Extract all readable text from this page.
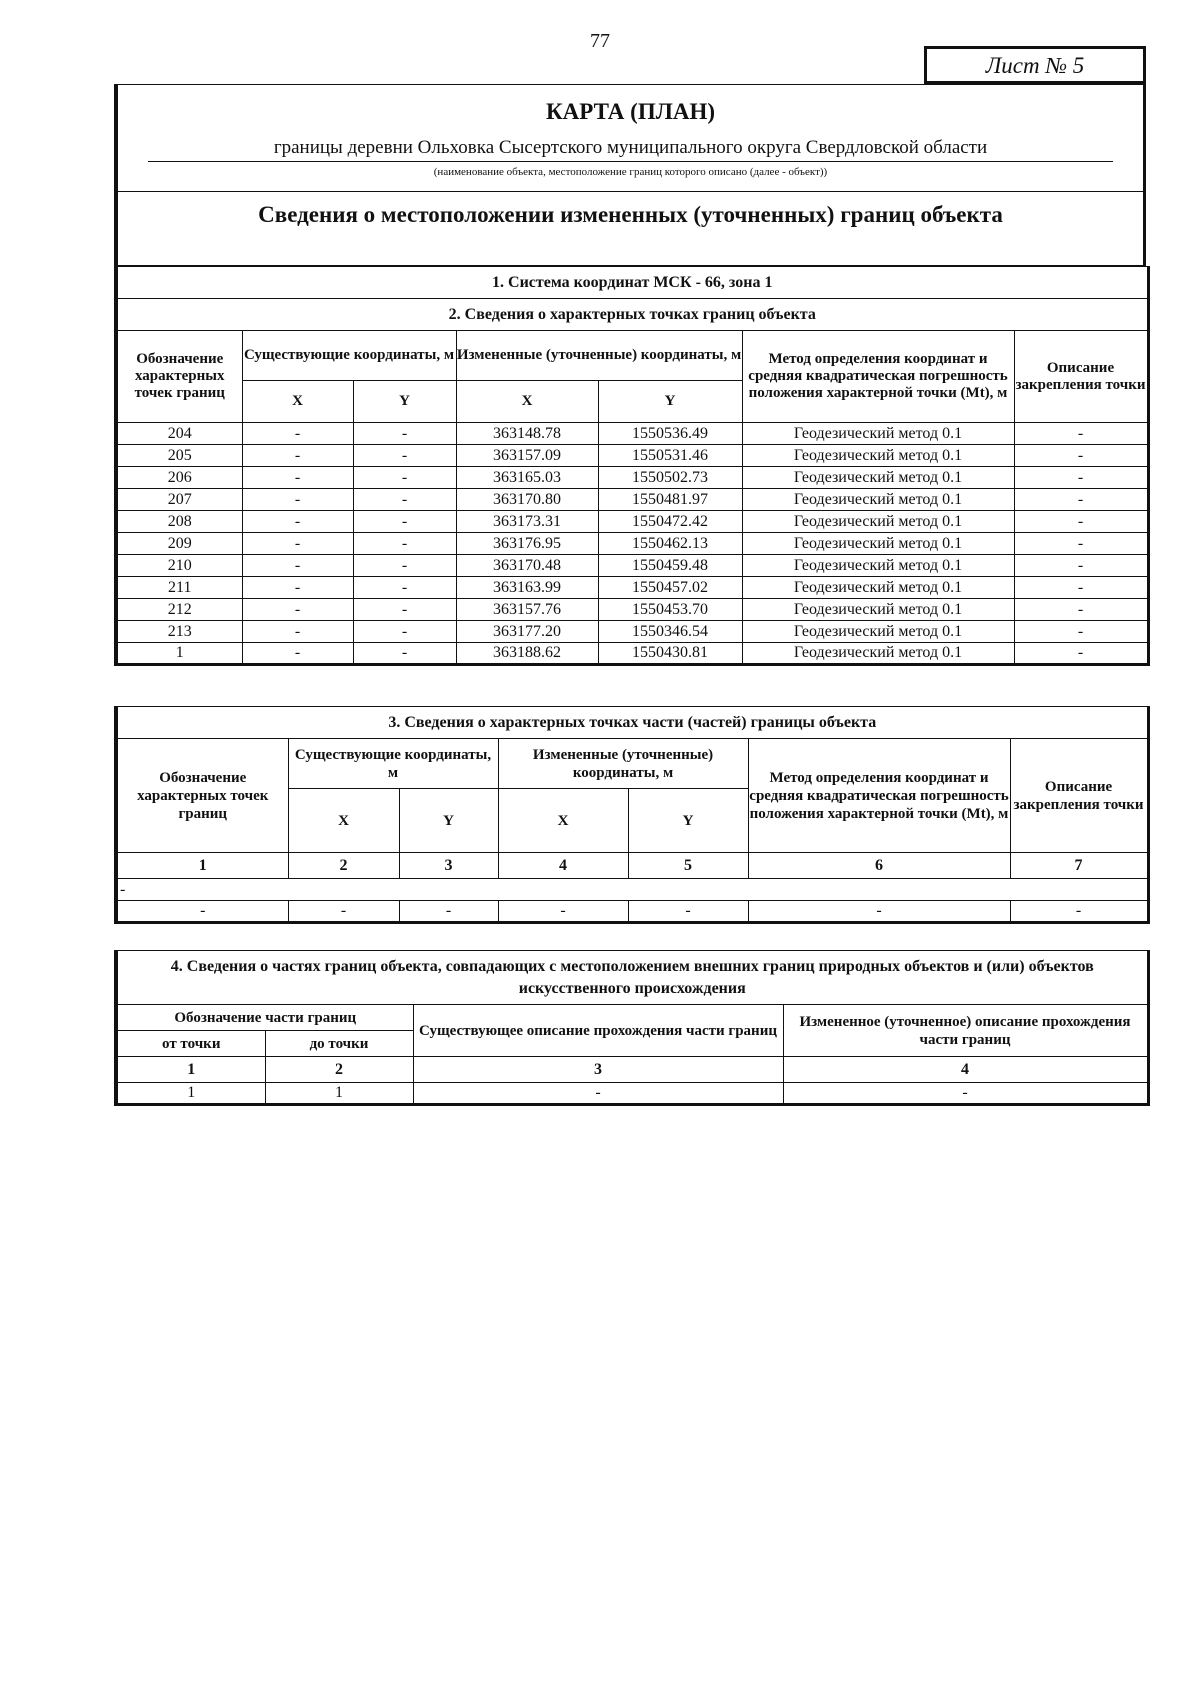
77
Лист № 5
КАРТА (ПЛАН)
границы деревни Ольховка Сысертского муниципального округа Свердловской области
(наименование объекта, местоположение границ которого описано (далее - объект))
Сведения о местоположении измененных (уточненных) границ объекта
1. Система координат МСК - 66, зона 1						
2. Сведения о характерных точках границ объекта						
Обозначение характерных точек границ	Существующие координаты, м		Измененные (уточненные) координаты, м		Метод определения координат и средняя квадратическая погрешность положения характерной точки (Mt), м	Описание закрепления точки
	X	Y	X	Y		
204	-	-	363148.78	1550536.49	Геодезический метод 0.1	-
205	-	-	363157.09	1550531.46	Геодезический метод 0.1	-
206	-	-	363165.03	1550502.73	Геодезический метод 0.1	-
207	-	-	363170.80	1550481.97	Геодезический метод 0.1	-
208	-	-	363173.31	1550472.42	Геодезический метод 0.1	-
209	-	-	363176.95	1550462.13	Геодезический метод 0.1	-
210	-	-	363170.48	1550459.48	Геодезический метод 0.1	-
211	-	-	363163.99	1550457.02	Геодезический метод 0.1	-
212	-	-	363157.76	1550453.70	Геодезический метод 0.1	-
213	-	-	363177.20	1550346.54	Геодезический метод 0.1	-
1	-	-	363188.62	1550430.81	Геодезический метод 0.1	-
3. Сведения о характерных точках части (частей) границы объекта						
Обозначение характерных точек границ	Существующие координаты, м		Измененные (уточненные) координаты, м		Метод определения координат и средняя квадратическая погрешность положения характерной точки (Mt), м	Описание закрепления точки
	X	Y	X	Y		
1	2	3	4	5	6	7
-						
-	-	-	-	-	-	-
4. Сведения о частях границ объекта, совпадающих с местоположением внешних границ природных объектов и (или) объектов искусственного происхождения			
Обозначение части границ		Существующее описание прохождения части границ	Измененное (уточненное) описание прохождения части границ
от точки	до точки		
1	2	3	4
1	1	-	-
